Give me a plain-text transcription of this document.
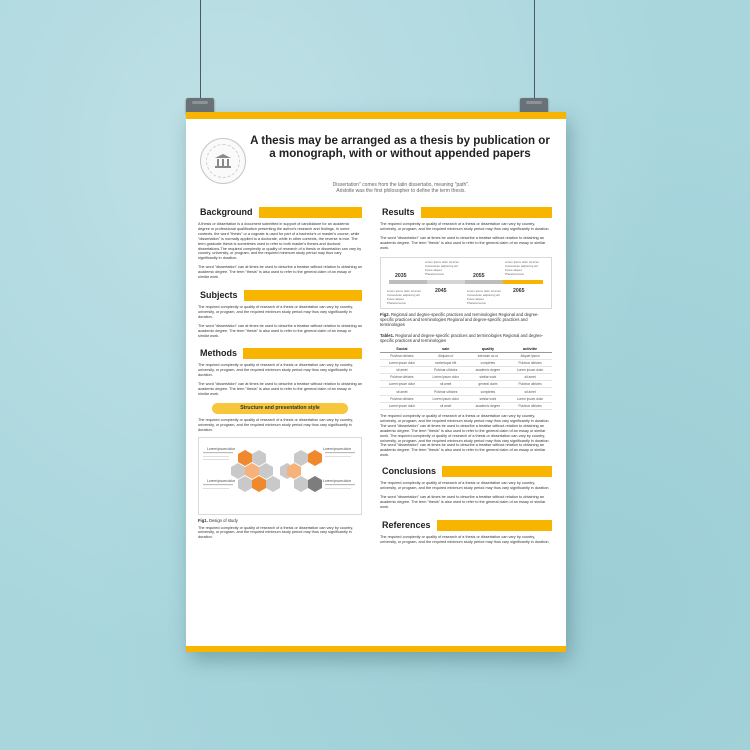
A thesis may be arranged as a thesis by publication or a monograph, with or without appended papers
Dissertation" comes from the latin dissertatio, meaning "path".
Aristotle was the first philosopher to define the term thesis.
Background

A thesis or dissertation is a document submitted in support of candidature for an academic degree or professional qualification presenting the author's research and findings. In some contexts, the word "thesis" or a cognate is used for part of a bachelor's or master's course, while "dissertation" is normally applied to a doctorate, while in other contexts, the reverse is true. The term graduate thesis is sometimes used to refer to both master's theses and doctoral dissertations.The required complexity or quality of research of a thesis or dissertation can vary by country, university, or program, and the required minimum study period may thus vary significantly in duration.

The word "dissertation" can at times be used to describe a treatise without relation to obtaining an academic degree. The term "thesis" is also used to refer to the general claim of an essay or similar work.

Subjects

The required complexity or quality of research of a thesis or dissertation can vary by country, university, or program, and the required minimum study period may thus vary significantly in duration.

The word "dissertation" can at times be used to describe a treatise without relation to obtaining an academic degree. The term "thesis" is also used to refer to the general claim of an essay or similar work.

Methods

The required complexity or quality of research of a thesis or dissertation can vary by country, university, or program, and the required minimum study period may thus vary significantly in duration.

The word "dissertation" can at times be used to describe a treatise without relation to obtaining an academic degree. The term "thesis" is also used to refer to the general claim of an essay or similar work.

Structure and presentation style

The required complexity or quality of research of a thesis or dissertation can vary by country, university, or program, and the required minimum study period may thus vary significantly in duration.

Lorem ipsum dolor	Lorem ipsum dolor
Lorem ipsum dolor	Lorem ipsum dolor

Fig1. Design of study

The required complexity or quality of research of a thesis or dissertation can vary by country, university, or program, and the required minimum study period may thus vary significantly in duration.

Results

The required complexity or quality of research of a thesis or dissertation can vary by country, university, or program, and the required minimum study period may thus vary significantly in duration.

The word "dissertation" can at times be used to describe a treatise without relation to obtaining an academic degree. The term "thesis" is also used to refer to the general claim of an essay or similar work.

2035
2045
2055
2065
Lorem ipsum dolor sit amet
Consectetur adipiscing elit
Fusce aliquet
Pharetra lectus
Lorem ipsum dolor sit amet
Consectetur adipiscing elit
Fusce aliquet
Pharetra lectus
Lorem ipsum dolor sit amet
Consectetur adipiscing elit
Fusce aliquet
Pharetra lectus
Lorem ipsum dolor sit amet
Consectetur adipiscing elit
Fusce aliquet
Pharetra lectus

Fig2. Regional and degree-specific practices and terminologies Regional and degree-specific practices and terminologies Regional and degree-specific practices and terminologies

Table1. Regional and degree-specific practices and terminologies Regional and degree-specific practices and terminologies

Social	sale	quality	activitie
Pulvinar ultricies	Aliquam ut	interdum ac ut	Aliquet ipsum
Lorem ipsum dolor	scelerisque elit	completes	Pulvinar ultricies
sit amet	Pulvinar ultricies	academic degree	Lorem ipsum dolor
Pulvinar ultricies	Lorem ipsum dolor	similar work	sit amet
Lorem ipsum dolor	sit amet	general claim	Pulvinar ultricies
sit amet	Pulvinar ultricies	completes	sit amet
Pulvinar ultricies	Lorem ipsum dolor	similar work	Lorem ipsum dolor
Lorem ipsum dolor	sit amet	academic degree	Pulvinar ultricies

The required complexity or quality of research of a thesis or dissertation can vary by country, university, or program, and the required minimum study period may thus vary significantly in duration. The word "dissertation" can at times be used to describe a treatise without relation to obtaining an academic degree. The term "thesis" is also used to refer to the general claim of an essay or similar work. The required complexity or quality of research of a thesis or dissertation can vary by country, university, or program, and the required minimum study period may thus vary significantly in duration. The word "dissertation" can at times be used to describe a treatise without relation to obtaining an academic degree. The term "thesis" is also used to refer to the general claim of an essay or similar work.

Conclusions

The required complexity or quality of research of a thesis or dissertation can vary by country, university, or program, and the required minimum study period may thus vary significantly in duration.

The word "dissertation" can at times be used to describe a treatise without relation to obtaining an academic degree. The term "thesis" is also used to refer to the general claim of an essay or similar work.

References

The required complexity or quality of research of a thesis or dissertation can vary by country, university, or program, and the required minimum study period may thus vary significantly in duration.
